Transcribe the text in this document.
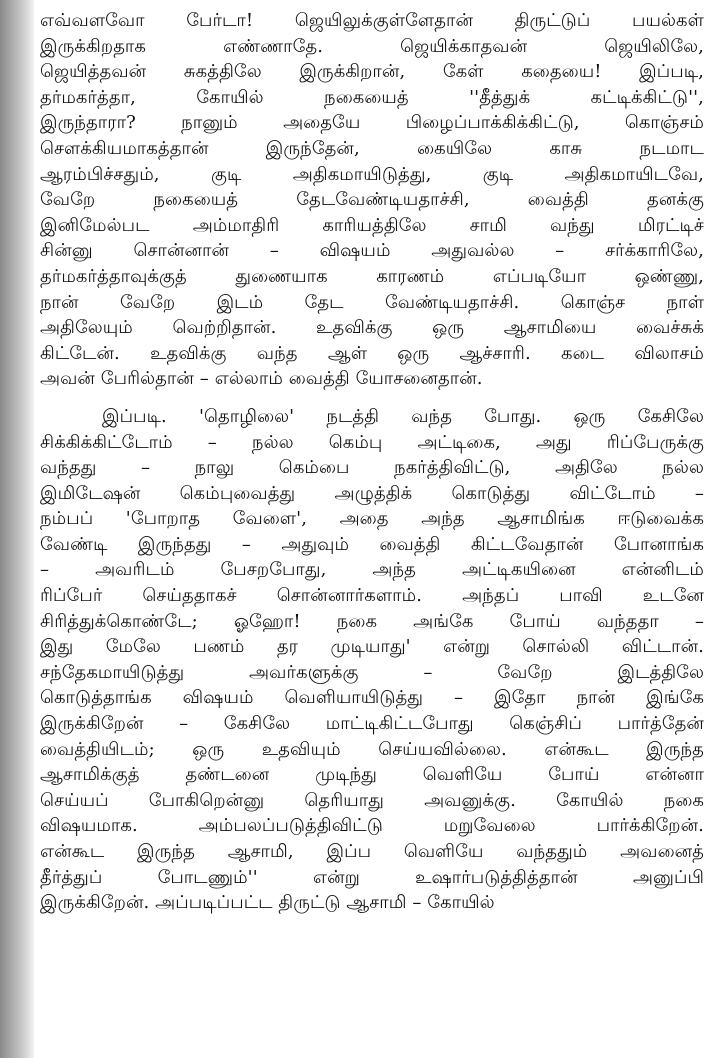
எவ்வளவோ பேர்டா! ஜெயிலுக்குள்ளேதான் திருட்டுப் பயல்கள்
இருக்கிறதாக எண்ணாதே. ஜெயிக்காதவன் ஜெயிலிலே,
ஜெயித்தவன் சுகத்திலே இருக்கிறான், கேள் கதையை! இப்படி,
தர்மகர்த்தா, கோயில் நகையைத் ''தீத்துக் கட்டிக்கிட்டு'',
இருந்தாரா? நானும் அதையே பிழைப்பாக்கிக்கிட்டு, கொஞ்சம்
சௌக்கியமாகத்தான் இருந்தேன், கையிலே காசு நடமாட
ஆரம்பிச்சதும், குடி அதிகமாயிடுத்து, குடி அதிகமாயிடவே,
வேறே நகையைத் தேடவேண்டியதாச்சி, வைத்தி தனக்கு
இனிமேல்பட அம்மாதிரி காரியத்திலே சாமி வந்து மிரட்டிச்
சின்னு சொன்னான் – விஷயம் அதுவல்ல – சர்க்காரிலே,
தர்மகர்த்தாவுக்குத் துணையாக காரணம் எப்படியோ ஒண்ணு,
நான் வேறே இடம் தேட வேண்டியதாச்சி. கொஞ்ச நாள்
அதிலேயும் வெற்றிதான். உதவிக்கு ஒரு ஆசாமியை வைச்சுக்
கிட்டேன். உதவிக்கு வந்த ஆள் ஒரு ஆச்சாரி. கடை விலாசம்
அவன் பேரில்தான் – எல்லாம் வைத்தி யோசனைதான்.
இப்படி. 'தொழிலை' நடத்தி வந்த போது. ஒரு கேசிலே
சிக்கிக்கிட்டோம் – நல்ல கெம்பு அட்டிகை, அது ரிப்பேருக்கு
வந்தது – நாலு கெம்பை நகர்த்திவிட்டு, அதிலே நல்ல
இமிடேஷன் கெம்புவைத்து அழுத்திக் கொடுத்து விட்டோம் –
நம்பப் 'போறாத வேளை', அதை அந்த ஆசாமிங்க ஈடுவைக்க
வேண்டி இருந்தது – அதுவும் வைத்தி கிட்டவேதான் போனாங்க
– அவரிடம் பேசறபோது, அந்த அட்டிகயினை என்னிடம்
ரிப்பேர் செய்ததாகச் சொன்னார்களாம். அந்தப் பாவி உடனே
சிரித்துக்கொண்டே; ஓஹோ! நகை அங்கே போய் வந்ததா –
இது மேலே பணம் தர முடியாது' என்று சொல்லி விட்டான்.
சந்தேகமாயிடுத்து அவர்களுக்கு – வேறே இடத்திலே
கொடுத்தாங்க விஷயம் வெளியாயிடுத்து – இதோ நான் இங்கே
இருக்கிறேன் – கேசிலே மாட்டிகிட்டபோது கெஞ்சிப் பார்த்தேன்
வைத்தியிடம்; ஒரு உதவியும் செய்யவில்லை. என்கூட இருந்த
ஆசாமிக்குத் தண்டனை முடிந்து வெளியே போய் என்னா
செய்யப் போகிறென்னு தெரியாது அவனுக்கு. கோயில் நகை
விஷயமாக. அம்பலப்படுத்திவிட்டு மறுவேலை பார்க்கிறேன்.
என்கூட இருந்த ஆசாமி, இப்ப வெளியே வந்ததும் அவனைத்
தீர்த்துப் போடணும்'' என்று உஷார்படுத்தித்தான் அனுப்பி
இருக்கிறேன். அப்படிப்பட்ட திருட்டு ஆசாமி – கோயில்
